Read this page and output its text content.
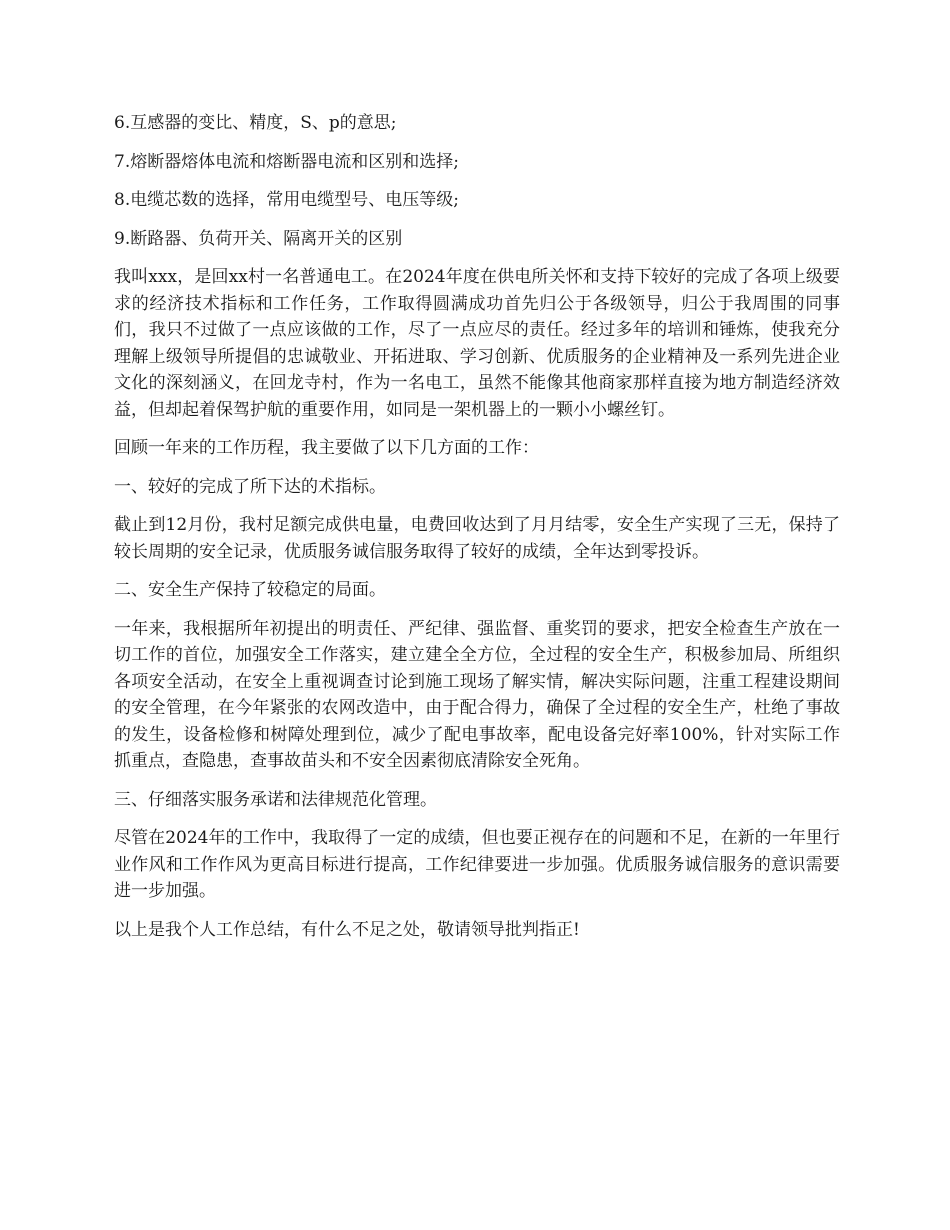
6.互感器的变比、精度，S、p的意思;

7.熔断器熔体电流和熔断器电流和区别和选择;

8.电缆芯数的选择，常用电缆型号、电压等级;

9.断路器、负荷开关、隔离开关的区别

我叫xxx，是回xx村一名普通电工。在2024年度在供电所关怀和支持下较好的完成了各项上级要求的经济技术指标和工作任务，工作取得圆满成功首先归公于各级领导，归公于我周围的同事们，我只不过做了一点应该做的工作，尽了一点应尽的责任。经过多年的培训和锤炼，使我充分理解上级领导所提倡的忠诚敬业、开拓进取、学习创新、优质服务的企业精神及一系列先进企业文化的深刻涵义，在回龙寺村，作为一名电工，虽然不能像其他商家那样直接为地方制造经济效益，但却起着保驾护航的重要作用，如同是一架机器上的一颗小小螺丝钉。

回顾一年来的工作历程，我主要做了以下几方面的工作：

一、较好的完成了所下达的术指标。

截止到12月份，我村足额完成供电量，电费回收达到了月月结零，安全生产实现了三无，保持了较长周期的安全记录，优质服务诚信服务取得了较好的成绩，全年达到零投诉。

二、安全生产保持了较稳定的局面。

一年来，我根据所年初提出的明责任、严纪律、强监督、重奖罚的要求，把安全检查生产放在一切工作的首位，加强安全工作落实，建立建全全方位，全过程的安全生产，积极参加局、所组织各项安全活动，在安全上重视调查讨论到施工现场了解实情，解决实际问题，注重工程建设期间的安全管理，在今年紧张的农网改造中，由于配合得力，确保了全过程的安全生产，杜绝了事故的发生，设备检修和树障处理到位，减少了配电事故率，配电设备完好率100%，针对实际工作抓重点，查隐患，查事故苗头和不安全因素彻底清除安全死角。

三、仔细落实服务承诺和法律规范化管理。

尽管在2024年的工作中，我取得了一定的成绩，但也要正视存在的问题和不足，在新的一年里行业作风和工作作风为更高目标进行提高，工作纪律要进一步加强。优质服务诚信服务的意识需要进一步加强。

以上是我个人工作总结，有什么不足之处，敬请领导批判指正!
